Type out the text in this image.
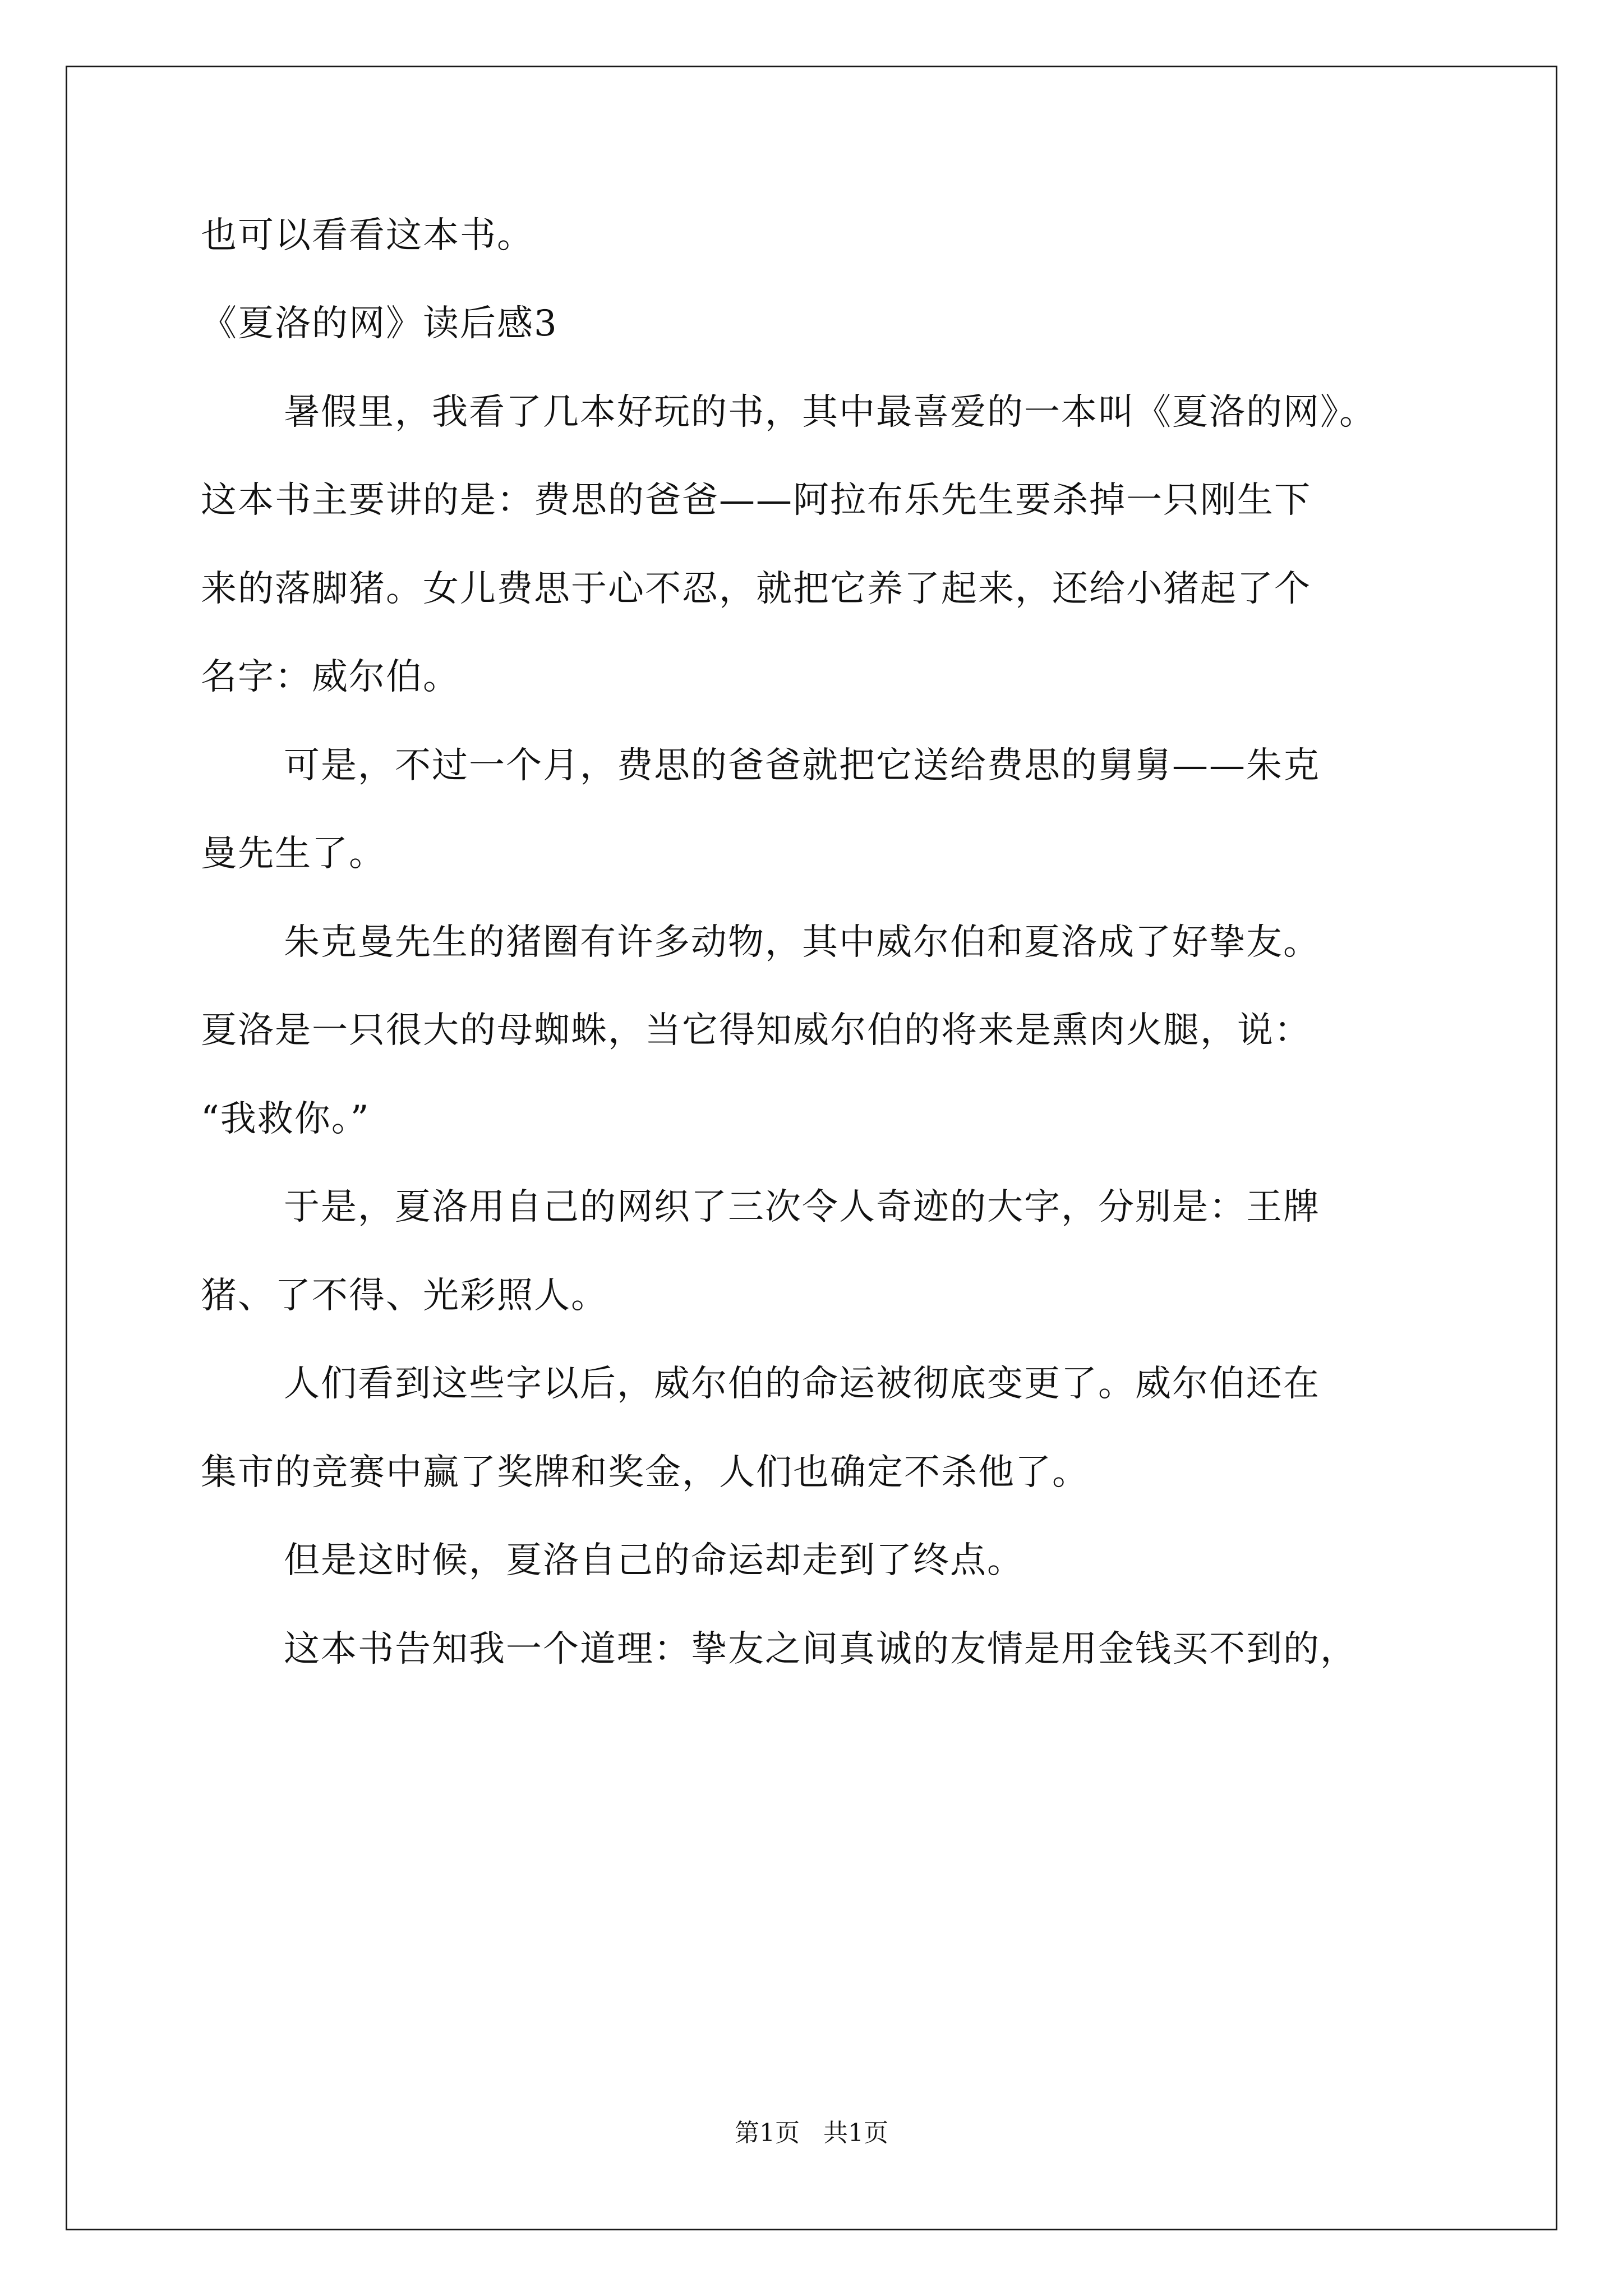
也可以看看这本书。
《夏洛的网》读后感3
暑假里，我看了几本好玩的书，其中最喜爱的一本叫《夏洛的网》。
这本书主要讲的是：费思的爸爸——阿拉布乐先生要杀掉一只刚生下
来的落脚猪。女儿费思于心不忍，就把它养了起来，还给小猪起了个
名字：威尔伯。
可是，不过一个月，费思的爸爸就把它送给费思的舅舅——朱克
曼先生了。
朱克曼先生的猪圈有许多动物，其中威尔伯和夏洛成了好挚友。
夏洛是一只很大的母蜘蛛，当它得知威尔伯的将来是熏肉火腿，说：
“我救你。”
于是，夏洛用自己的网织了三次令人奇迹的大字，分别是：王牌
猪、了不得、光彩照人。
人们看到这些字以后，威尔伯的命运被彻底变更了。威尔伯还在
集市的竞赛中赢了奖牌和奖金，人们也确定不杀他了。
但是这时候，夏洛自己的命运却走到了终点。
这本书告知我一个道理：挚友之间真诚的友情是用金钱买不到的，
第1页 共1页
